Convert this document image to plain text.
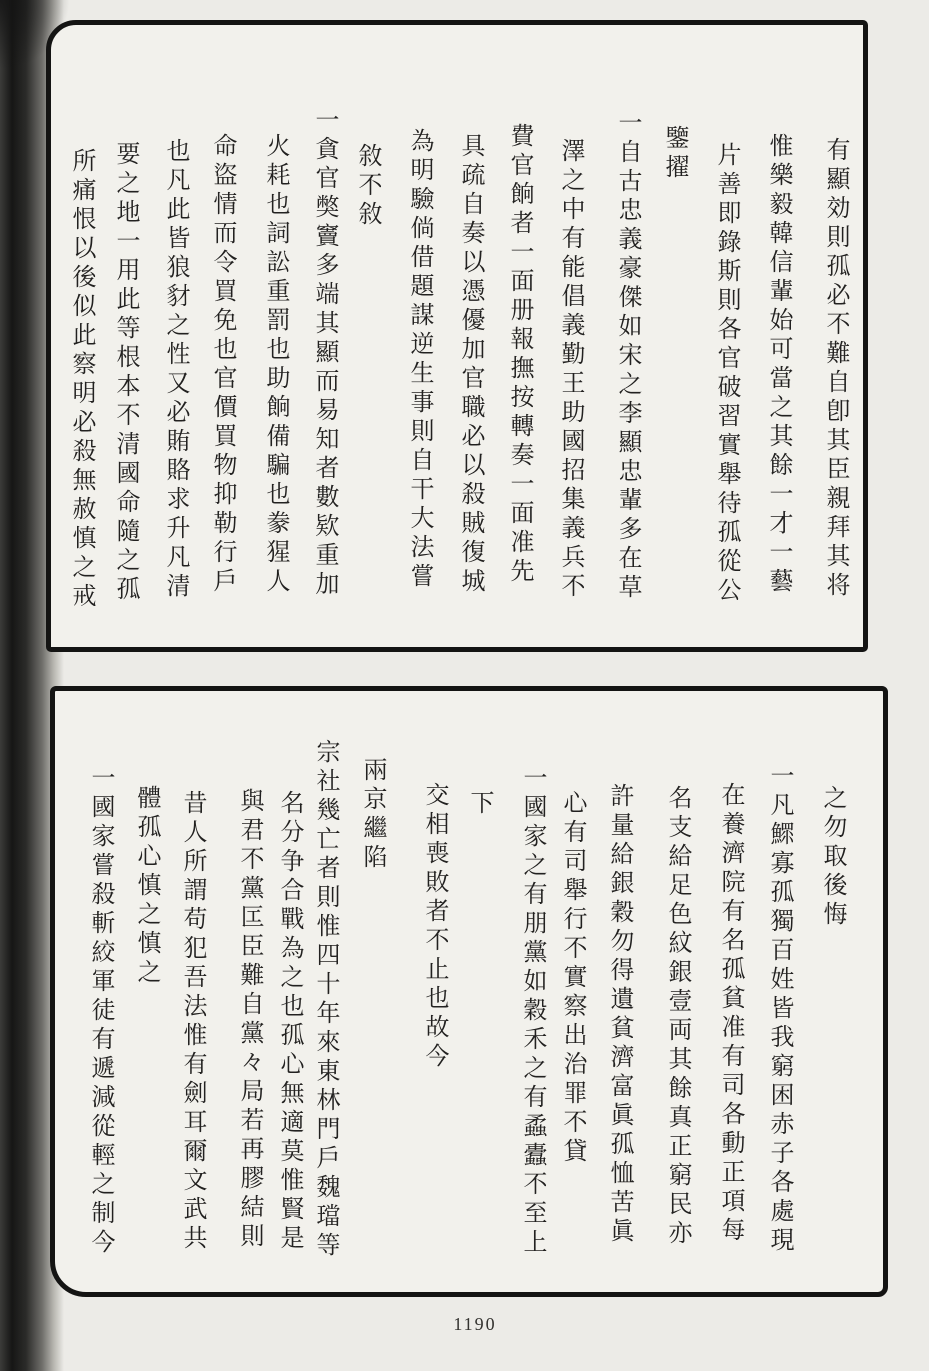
有顯効則孤必不難自卽其臣親拜其将
惟樂毅韓信輩始可當之其餘一才一藝
片善即錄斯則各官破習實舉待孤從公
鑒擢
一自古忠義豪傑如宋之李顯忠輩多在草
澤之中有能倡義勤王助國招集義兵不
費官餉者一面册報撫按轉奏一面准先
具疏自奏以憑優加官職必以殺賊復城
為明驗倘借題謀逆生事則自干大法嘗
敘不敘
一貪官獘竇多端其顯而易知者數欵重加
火耗也詞訟重罰也助餉備騙也豢猩人
命盜情而令買免也官價買物抑勒行戶
也凡此皆狼豺之性又必賄賂求升凡清
要之地一用此等根本不清國命隨之孤
所痛恨以後似此察明必殺無赦慎之戒
之勿取後悔
一凡鰥寡孤獨百姓皆我窮困赤子各處現
在養濟院有名孤貧准有司各動正項每
名支給足色紋銀壹両其餘真正窮民亦
許量給銀穀勿得遺貧濟富眞孤恤苦眞
心有司舉行不實察出治罪不貸
一國家之有朋黨如穀禾之有蟊蠹不至上
下
交相喪敗者不止也故今
兩京繼陷
宗社幾亡者則惟四十年來東林門戶魏璫等
名分争合戰為之也孤心無適莫惟賢是
與君不黨匞臣難自黨々局若再膠結則
昔人所謂苟犯吾法惟有劍耳爾文武共
體孤心慎之慎之
一國家嘗殺斬絞軍徒有遞減從輕之制今
1190
